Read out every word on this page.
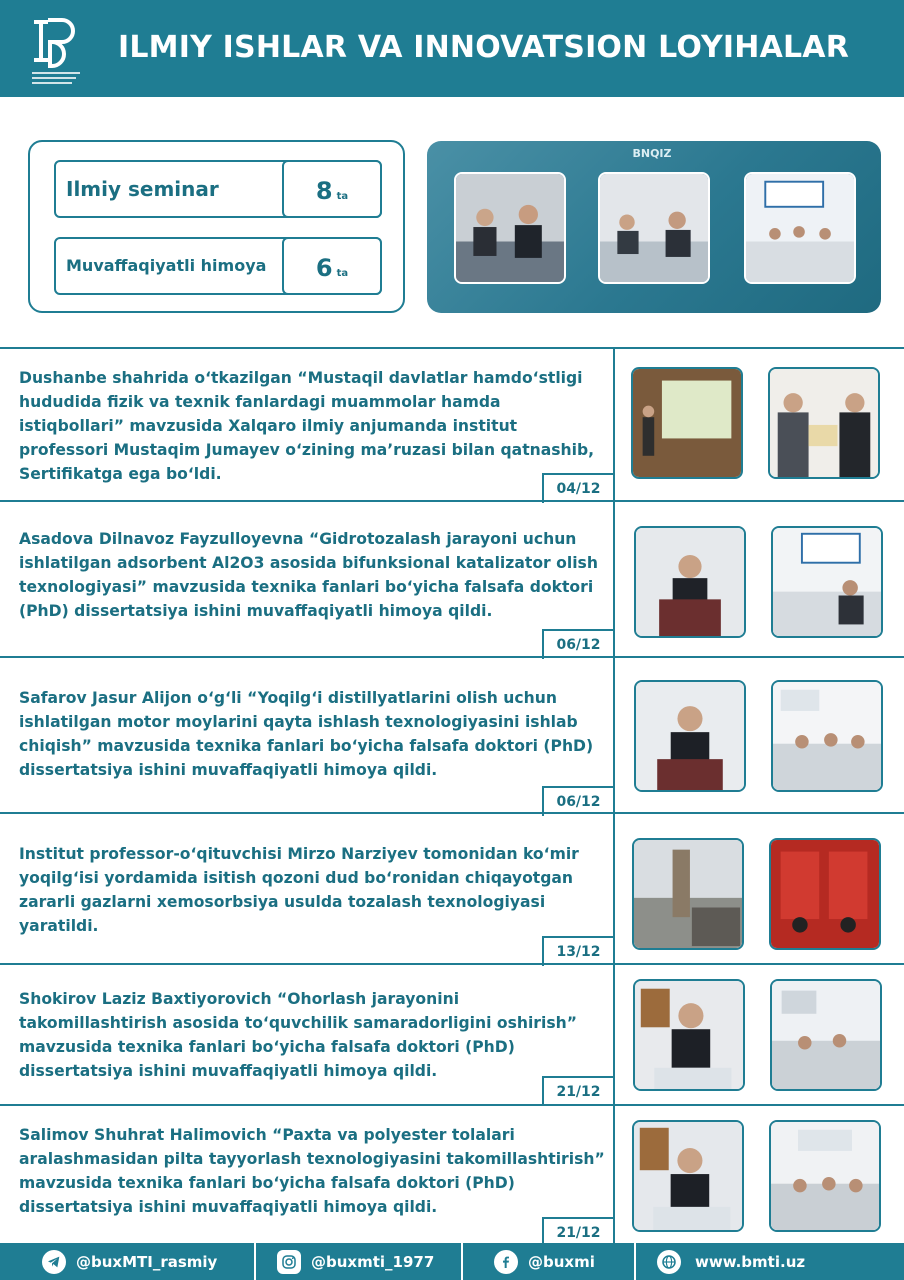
ILMIY ISHLAR VA INNOVATSION LOYIHALAR
Ilmiy seminar	8 ta
Muvaffaqiyatli himoya	6 ta
BNQIZ
Dushanbe shahrida o‘tkazilgan “Mustaqil davlatlar hamdo‘stligi hududida fizik va texnik fanlardagi muammolar hamda istiqbollari” mavzusida Xalqaro ilmiy anjumanda institut professori Mustaqim Jumayev o‘zining ma’ruzasi bilan qatnashib, Sertifikatga ega bo‘ldi.
04/12
Asadova Dilnavoz Fayzulloyevna “Gidrotozalash jarayoni uchun ishlatilgan adsorbent Al2O3 asosida bifunksional katalizator olish texnologiyasi” mavzusida texnika fanlari bo‘yicha falsafa doktori (PhD) dissertatsiya ishini muvaffaqiyatli himoya qildi.
06/12
Safarov Jasur Alijon o‘g‘li “Yoqilg‘i distillyatlarini olish uchun ishlatilgan motor moylarini qayta ishlash texnologiyasini ishlab chiqish” mavzusida texnika fanlari bo‘yicha falsafa doktori (PhD) dissertatsiya ishini muvaffaqiyatli himoya qildi.
06/12
Institut professor-o‘qituvchisi Mirzo Narziyev tomonidan ko‘mir yoqilg‘isi yordamida isitish qozoni dud bo‘ronidan chiqayotgan zararli gazlarni xemosorbsiya usulda tozalash texnologiyasi yaratildi.
13/12
Shokirov Laziz Baxtiyorovich “Ohorlash jarayonini takomillashtirish asosida to‘quvchilik samaradorligini oshirish” mavzusida texnika fanlari bo‘yicha falsafa doktori (PhD) dissertatsiya ishini muvaffaqiyatli himoya qildi.
21/12
Salimov Shuhrat Halimovich “Paxta va polyester tolalari aralashmasidan pilta tayyorlash texnologiyasini takomillashtirish” mavzusida texnika fanlari bo‘yicha falsafa doktori (PhD) dissertatsiya ishini muvaffaqiyatli himoya qildi.
21/12
@buxMTI_rasmiy	@buxmti_1977	@buxmi	www.bmti.uz
